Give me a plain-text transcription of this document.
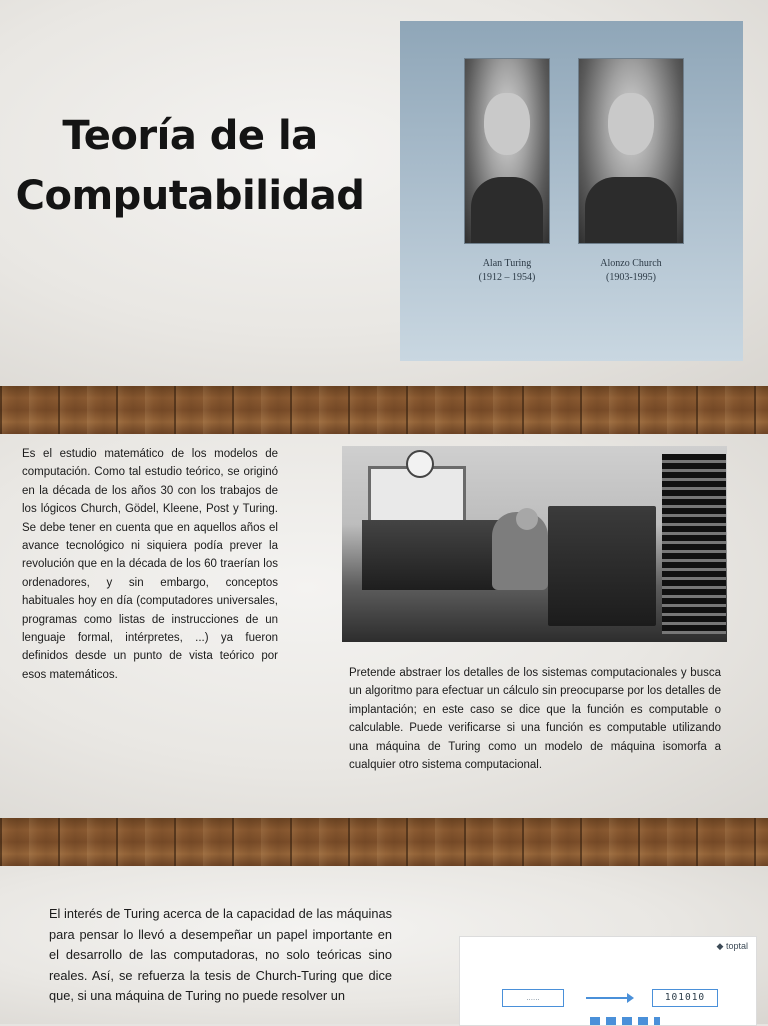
Teoría de la
Computabilidad
Alan Turing
(1912 – 1954)
Alonzo Church
(1903-1995)
Es el estudio matemático de los modelos de computación. Como tal estudio teórico, se originó en la década de los años 30 con los trabajos de los lógicos Church, Gödel, Kleene, Post y Turing. Se debe tener en cuenta que en aquellos años el avance tecnológico ni siquiera podía prever la revolución que en la década de los 60 traerían los ordenadores, y sin embargo, conceptos habituales hoy en día (computadores universales, programas como listas de instrucciones de un lenguaje formal, intérpretes, ...) ya fueron definidos desde un punto de vista teórico por esos matemáticos.	Pretende abstraer los detalles de los sistemas computacionales y busca un algoritmo para efectuar un cálculo sin preocuparse por los detalles de implantación; en este caso se dice que la función es computable o calculable. Puede verificarse si una función es computable utilizando una máquina de Turing como un modelo de máquina isomorfa a cualquier otro sistema computacional.
El interés de Turing acerca de la capacidad de las máquinas para pensar lo llevó a desempeñar un papel importante en el desarrollo de las computadoras, no solo teóricas sino reales. Así, se refuerza la tesis de Church-Turing que dice que, si una máquina de Turing no puede resolver un
◆ toptal
......	101010
